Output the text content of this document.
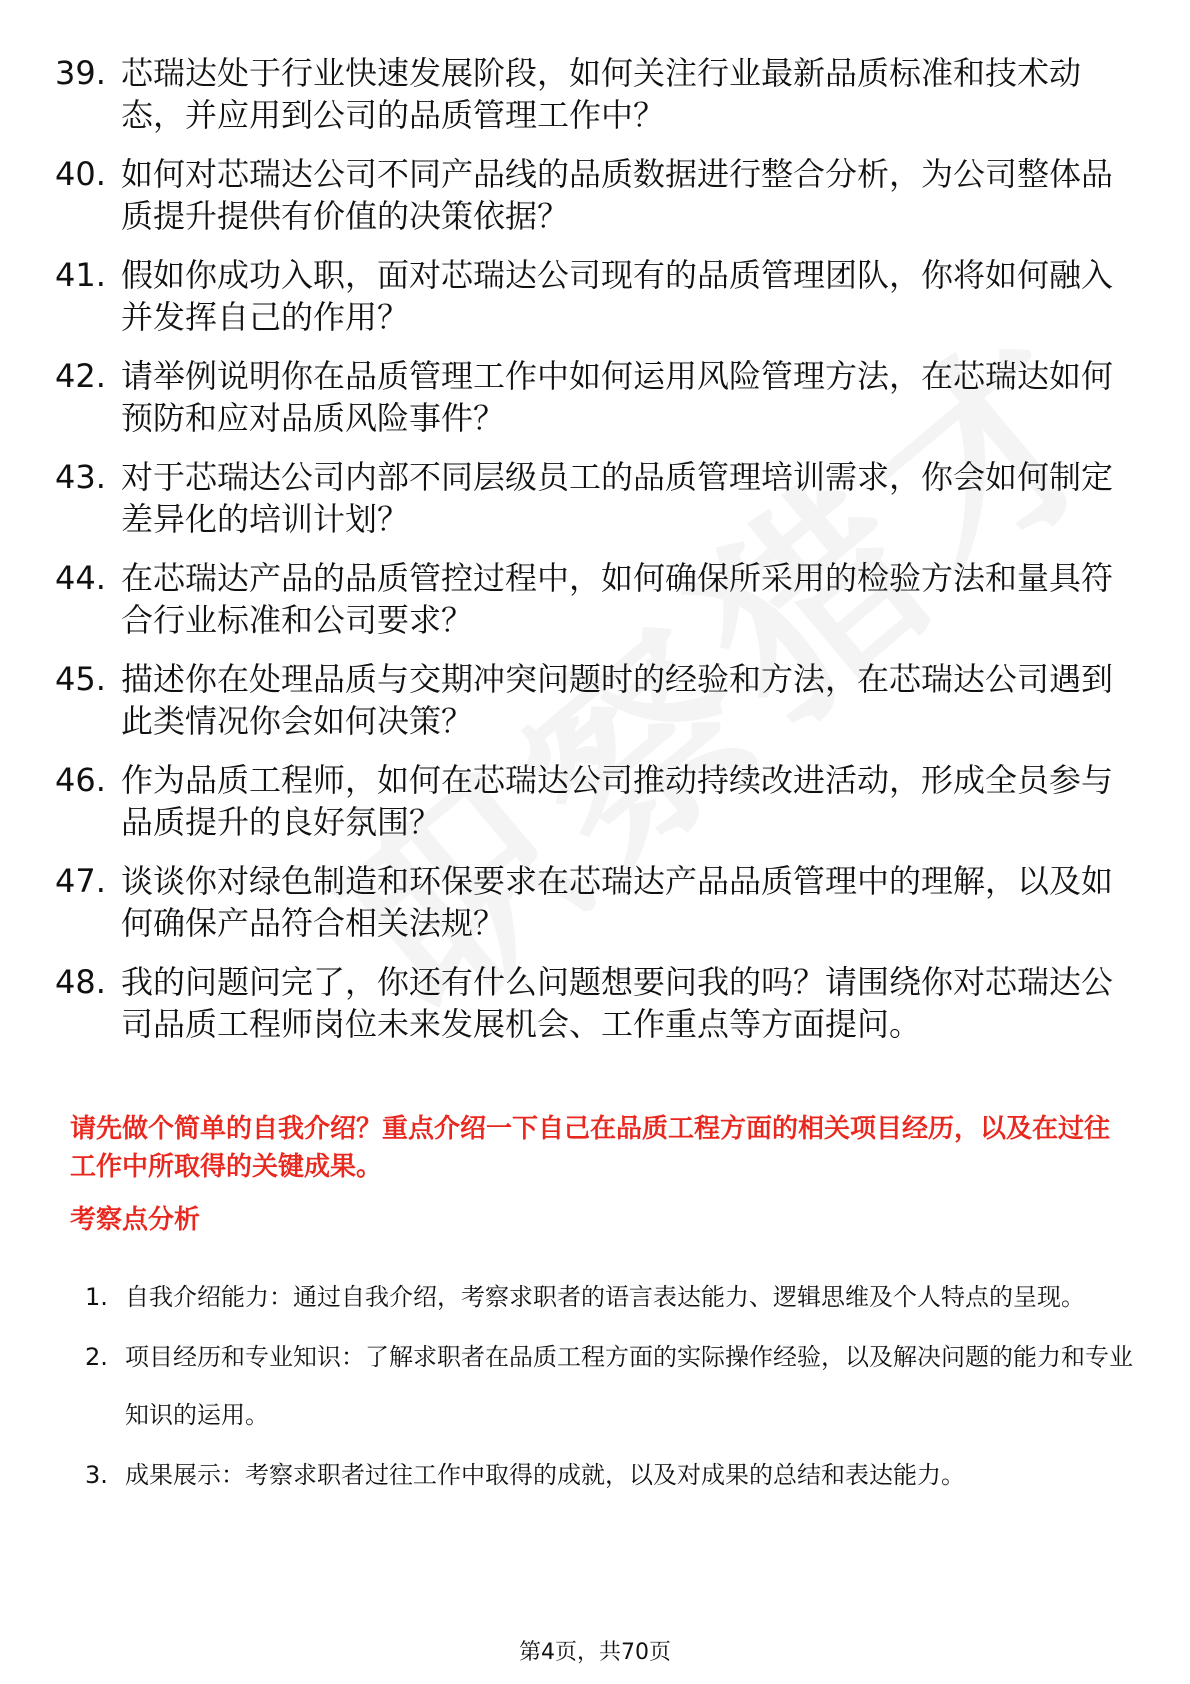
39. 芯瑞达处于行业快速发展阶段，如何关注行业最新品质标准和技术动态，并应用到公司的品质管理工作中？
40. 如何对芯瑞达公司不同产品线的品质数据进行整合分析，为公司整体品质提升提供有价值的决策依据？
41. 假如你成功入职，面对芯瑞达公司现有的品质管理团队，你将如何融入并发挥自己的作用？
42. 请举例说明你在品质管理工作中如何运用风险管理方法，在芯瑞达如何预防和应对品质风险事件？
43. 对于芯瑞达公司内部不同层级员工的品质管理培训需求，你会如何制定差异化的培训计划？
44. 在芯瑞达产品的品质管控过程中，如何确保所采用的检验方法和量具符合行业标准和公司要求？
45. 描述你在处理品质与交期冲突问题时的经验和方法，在芯瑞达公司遇到此类情况你会如何决策？
46. 作为品质工程师，如何在芯瑞达公司推动持续改进活动，形成全员参与品质提升的良好氛围？
47. 谈谈你对绿色制造和环保要求在芯瑞达产品品质管理中的理解，以及如何确保产品符合相关法规？
48. 我的问题问完了，你还有什么问题想要问我的吗？请围绕你对芯瑞达公司品质工程师岗位未来发展机会、工作重点等方面提问。
请先做个简单的自我介绍？重点介绍一下自己在品质工程方面的相关项目经历，以及在过往工作中所取得的关键成果。
考察点分析
1. 自我介绍能力：通过自我介绍，考察求职者的语言表达能力、逻辑思维及个人特点的呈现。
2. 项目经历和专业知识：了解求职者在品质工程方面的实际操作经验，以及解决问题的能力和专业知识的运用。
3. 成果展示：考察求职者过往工作中取得的成就，以及对成果的总结和表达能力。
第4页，共70页
